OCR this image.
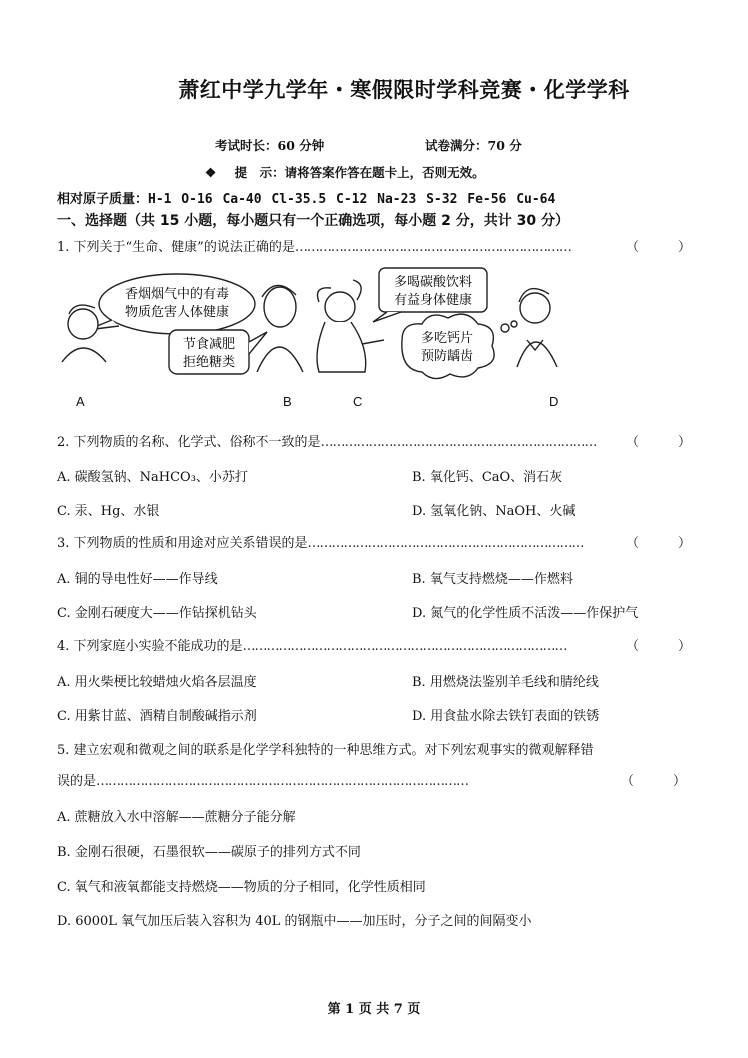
萧红中学九学年・寒假限时学科竞赛・化学学科
考试时长：60 分钟	试卷满分：70 分
❖ 提　示：请将答案作答在题卡上，否则无效。
相对原子质量：H-1 O-16 Ca-40 Cl-35.5 C-12 Na-23 S-32 Fe-56 Cu-64
一、选择题（共 15 小题，每小题只有一个正确选项，每小题 2 分，共计 30 分）
1. 下列关于“生命、健康”的说法正确的是……………………………………………………………	（　　　）
香烟烟气中的有毒
物质危害人体健康
节食减肥
拒绝糖类
多喝碳酸饮料
有益身体健康
多吃钙片
预防龋齿
A	B	C	D
2. 下列物质的名称、化学式、俗称不一致的是……………………………………………………………	（　　　）
A. 碳酸氢钠、NaHCO₃、小苏打	B. 氧化钙、CaO、消石灰
C. 汞、Hg、水银	D. 氢氧化钠、NaOH、火碱
3. 下列物质的性质和用途对应关系错误的是……………………………………………………………	（　　　）
A. 铜的导电性好——作导线	B. 氧气支持燃烧——作燃料
C. 金刚石硬度大——作钻探机钻头	D. 氮气的化学性质不活泼——作保护气
4. 下列家庭小实验不能成功的是………………………………………………………………………	（　　　）
A. 用火柴梗比较蜡烛火焰各层温度	B. 用燃烧法鉴别羊毛线和腈纶线
C. 用紫甘蓝、酒精自制酸碱指示剂	D. 用食盐水除去铁钉表面的铁锈
5. 建立宏观和微观之间的联系是化学学科独特的一种思维方式。对下列宏观事实的微观解释错
误的是…………………………………………………………………………………	（　　　）
A. 蔗糖放入水中溶解——蔗糖分子能分解
B. 金刚石很硬，石墨很软——碳原子的排列方式不同
C. 氧气和液氧都能支持燃烧——物质的分子相同，化学性质相同
D. 6000L 氧气加压后装入容积为 40L 的钢瓶中——加压时，分子之间的间隔变小
第 1 页 共 7 页
